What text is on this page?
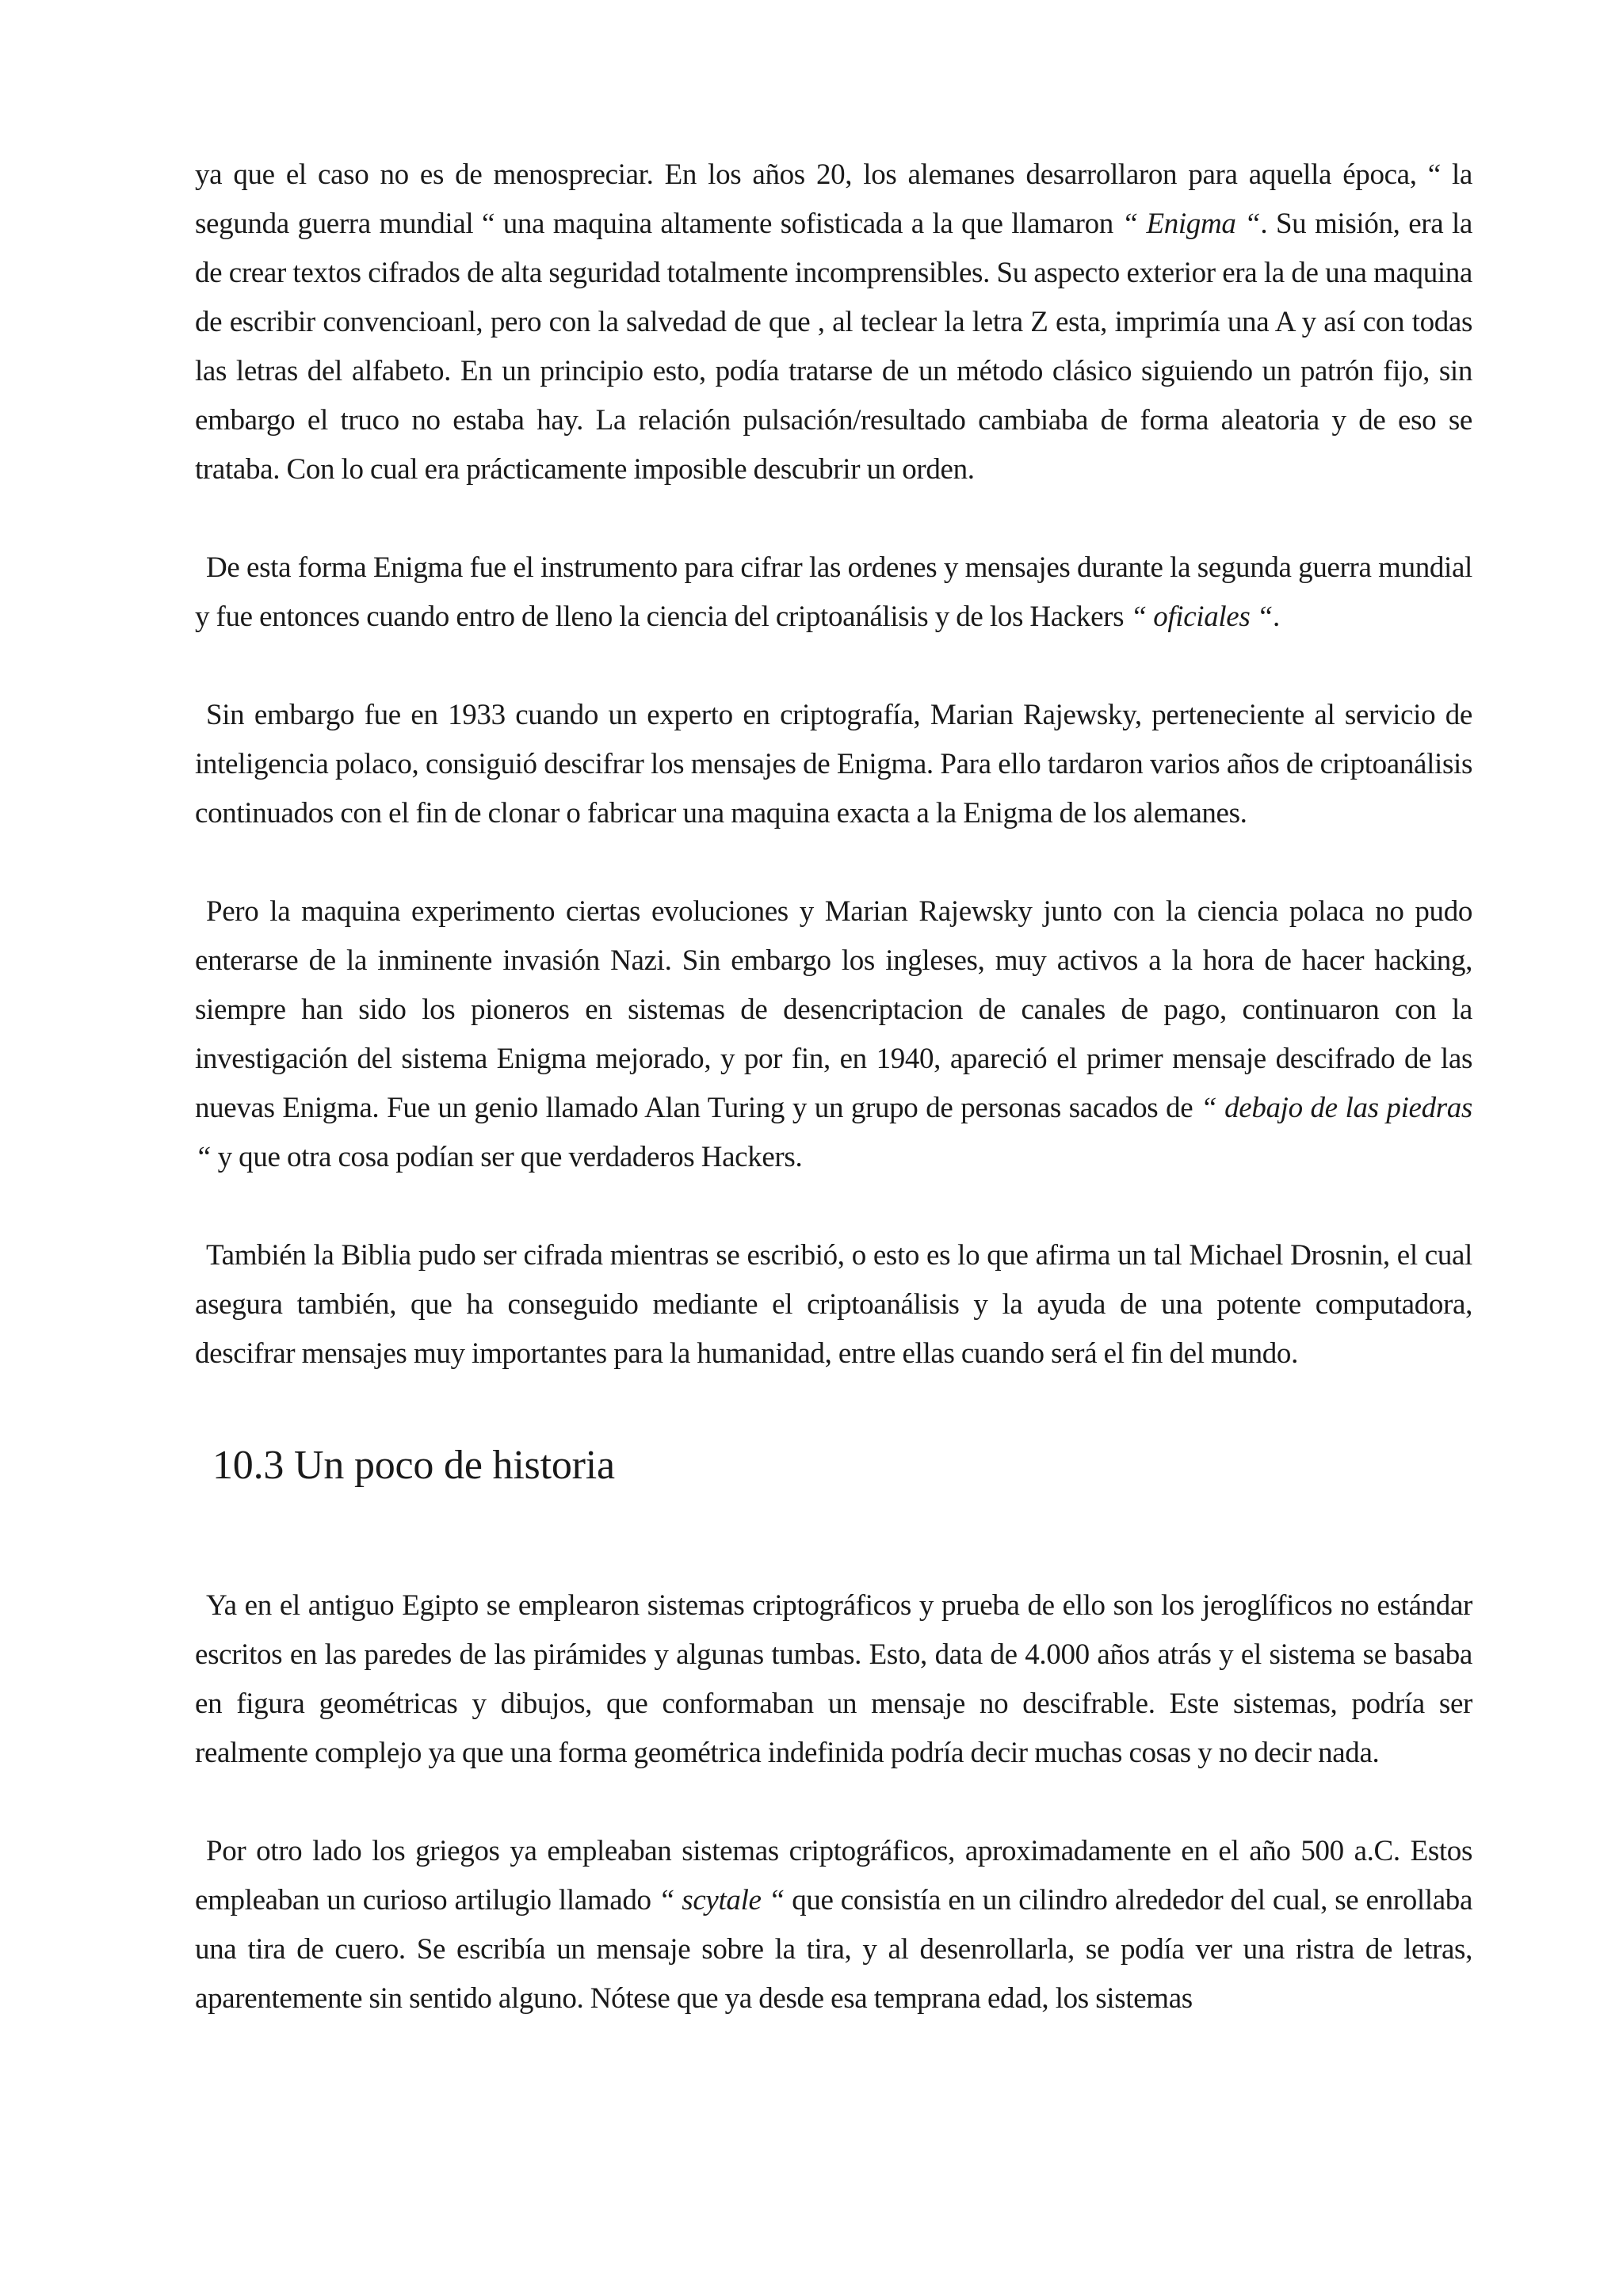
ya que el caso no es de menospreciar. En los años 20, los alemanes desarrollaron para aquella época, “ la segunda guerra mundial “ una maquina altamente sofisticada a la que llamaron “ Enigma “. Su misión, era la de crear textos cifrados de alta seguridad totalmente incomprensibles. Su aspecto exterior era la de una maquina de escribir convencioanl, pero con la salvedad de que , al teclear la letra Z esta, imprimía una A y así con todas las letras del alfabeto. En un principio esto, podía tratarse de un método clásico siguiendo un patrón fijo, sin embargo el truco no estaba hay. La relación pulsación/resultado cambiaba de forma aleatoria y de eso se trataba. Con lo cual era prácticamente imposible descubrir un orden.

De esta forma Enigma fue el instrumento para cifrar las ordenes y mensajes durante la segunda guerra mundial y fue entonces cuando entro de lleno la ciencia del criptoanálisis y de los Hackers “ oficiales “.

Sin embargo fue en 1933 cuando un experto en criptografía, Marian Rajewsky, perteneciente al servicio de inteligencia polaco, consiguió descifrar los mensajes de Enigma. Para ello tardaron varios años de criptoanálisis continuados con el fin de clonar o fabricar una maquina exacta a la Enigma de los alemanes.

Pero la maquina experimento ciertas evoluciones y Marian Rajewsky junto con la ciencia polaca no pudo enterarse de la inminente invasión Nazi. Sin embargo los ingleses, muy activos a la hora de hacer hacking, siempre han sido los pioneros en sistemas de desencriptacion de canales de pago, continuaron con la investigación del sistema Enigma mejorado, y por fin, en 1940, apareció el primer mensaje descifrado de las nuevas Enigma. Fue un genio llamado Alan Turing y un grupo de personas sacados de “ debajo de las piedras “ y que otra cosa podían ser que verdaderos Hackers.

También la Biblia pudo ser cifrada mientras se escribió, o esto es lo que afirma un tal Michael Drosnin, el cual asegura también, que ha conseguido mediante el criptoanálisis y la ayuda de una potente computadora, descifrar mensajes muy importantes para la humanidad, entre ellas cuando será el fin del mundo.

10.3 Un poco de historia

Ya en el antiguo Egipto se emplearon sistemas criptográficos y prueba de ello son los jeroglíficos no estándar escritos en las paredes de las pirámides y algunas tumbas. Esto, data de 4.000 años atrás y el sistema se basaba en figura geométricas y dibujos, que conformaban un mensaje no descifrable. Este sistemas, podría ser realmente complejo ya que una forma geométrica indefinida podría decir muchas cosas y no decir nada.

Por otro lado los griegos ya empleaban sistemas criptográficos, aproximadamente en el año 500 a.C. Estos empleaban un curioso artilugio llamado “ scytale “ que consistía en un cilindro alrededor del cual, se enrollaba una tira de cuero. Se escribía un mensaje sobre la tira, y al desenrollarla, se podía ver una ristra de letras, aparentemente sin sentido alguno. Nótese que ya desde esa temprana edad, los sistemas
